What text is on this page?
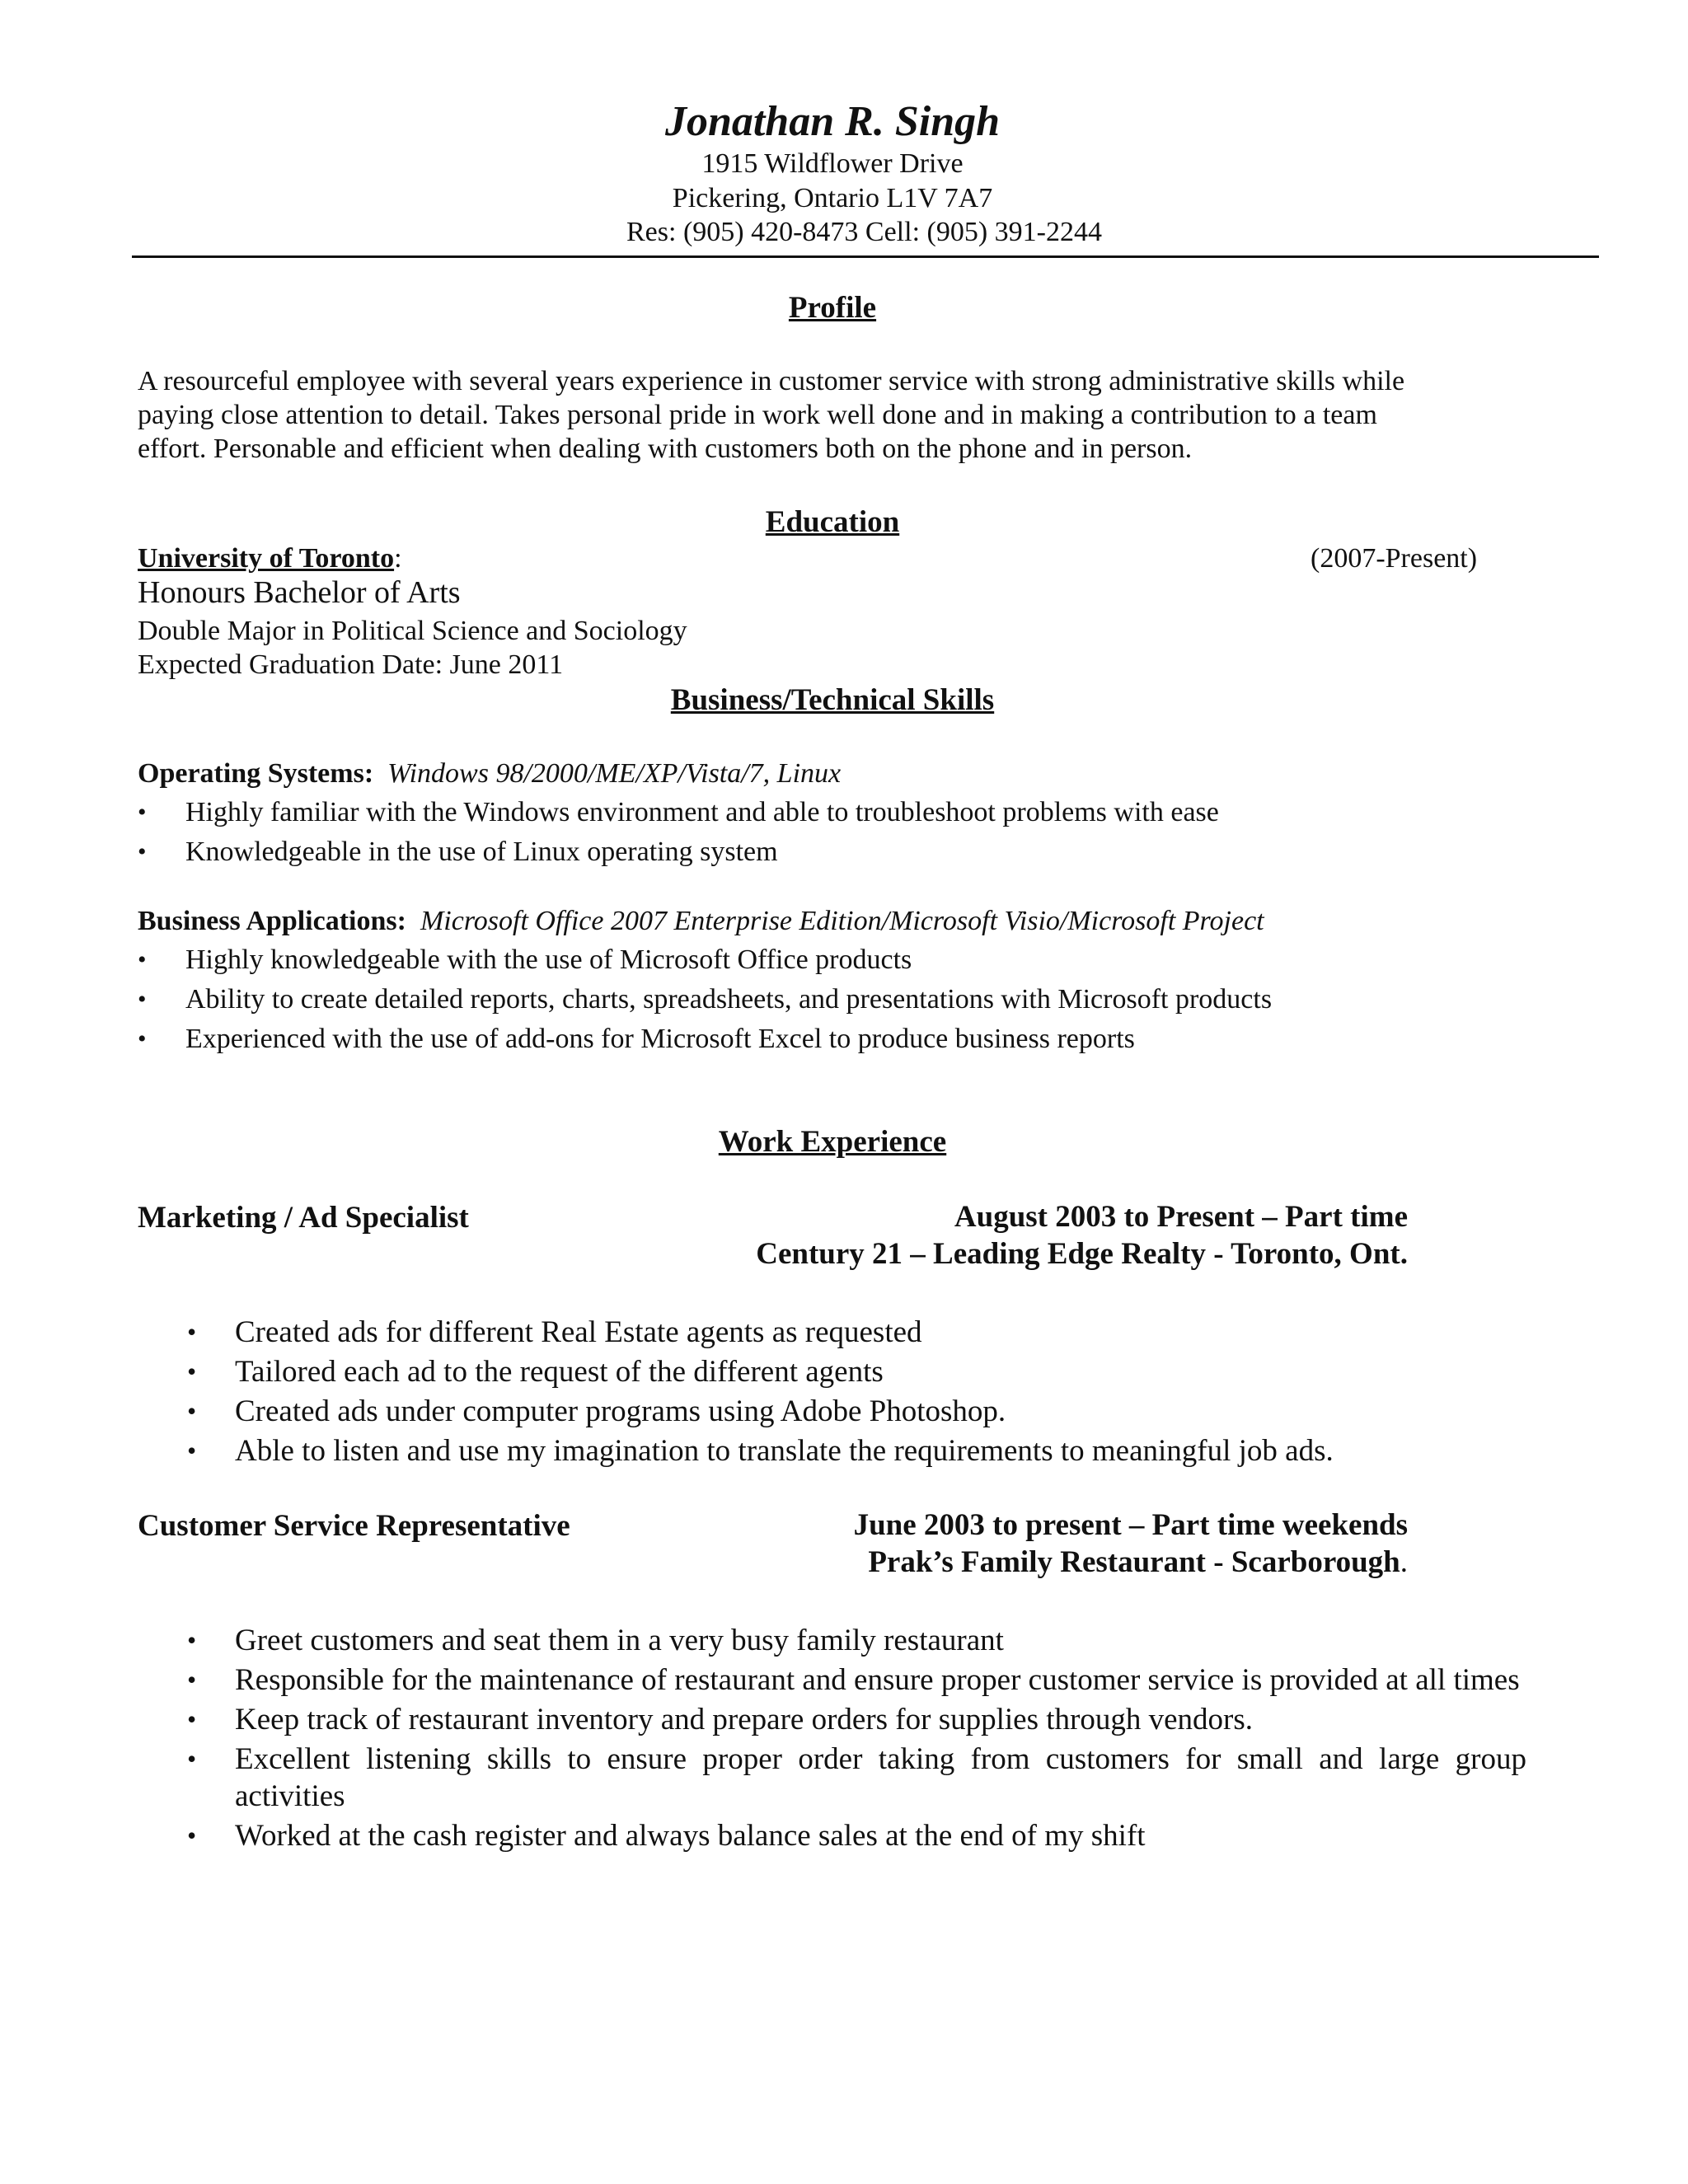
Jonathan R. Singh
1915 Wildflower Drive
Pickering, Ontario L1V 7A7
Res: (905) 420-8473 Cell: (905) 391-2244
Profile
A resourceful employee with several years experience in customer service with strong administrative skills while
paying close attention to detail. Takes personal pride in work well done and in making a contribution to a team
effort. Personable and efficient when dealing with customers both on the phone and in person.
Education
University of Toronto:	(2007-Present)
Honours Bachelor of Arts
Double Major in Political Science and Sociology
Expected Graduation Date: June 2011
Business/Technical Skills
Operating Systems: Windows 98/2000/ME/XP/Vista/7, Linux
• Highly familiar with the Windows environment and able to troubleshoot problems with ease
• Knowledgeable in the use of Linux operating system
Business Applications: Microsoft Office 2007 Enterprise Edition/Microsoft Visio/Microsoft Project
• Highly knowledgeable with the use of Microsoft Office products
• Ability to create detailed reports, charts, spreadsheets, and presentations with Microsoft products
• Experienced with the use of add-ons for Microsoft Excel to produce business reports
Work Experience
Marketing / Ad Specialist	August 2003 to Present – Part time
Century 21 – Leading Edge Realty - Toronto, Ont.
• Created ads for different Real Estate agents as requested
• Tailored each ad to the request of the different agents
• Created ads under computer programs using Adobe Photoshop.
• Able to listen and use my imagination to translate the requirements to meaningful job ads.
Customer Service Representative	June 2003 to present – Part time weekends
Prak’s Family Restaurant - Scarborough.
• Greet customers and seat them in a very busy family restaurant
• Responsible for the maintenance of restaurant and ensure proper customer service is provided at all times
• Keep track of restaurant inventory and prepare orders for supplies through vendors.
• Excellent listening skills to ensure proper order taking from customers for small and large group activities
• Worked at the cash register and always balance sales at the end of my shift
